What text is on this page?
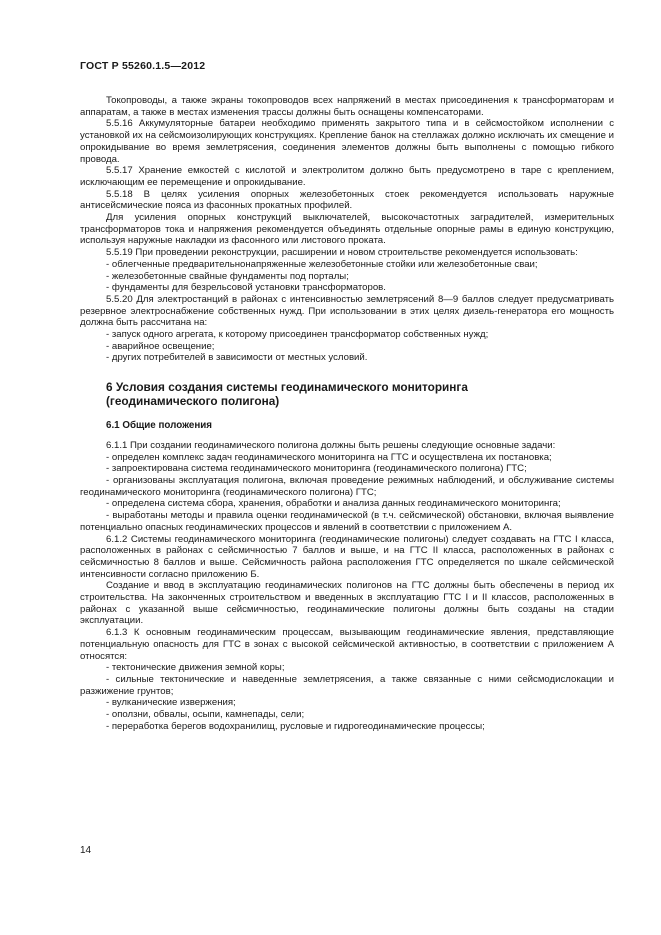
ГОСТ Р 55260.1.5—2012

Токопроводы, а также экраны токопроводов всех напряжений в местах присоединения к трансформаторам и аппаратам, а также в местах изменения трассы должны быть оснащены компенсаторами.

5.5.16 Аккумуляторные батареи необходимо применять закрытого типа и в сейсмостойком исполнении с установкой их на сейсмоизолирующих конструкциях. Крепление банок на стеллажах должно исключать их смещение и опрокидывание во время землетрясения, соединения элементов должны быть выполнены с помощью гибкого провода.

5.5.17 Хранение емкостей с кислотой и электролитом должно быть предусмотрено в таре с креплением, исключающим ее перемещение и опрокидывание.

5.5.18 В целях усиления опорных железобетонных стоек рекомендуется использовать наружные антисейсмические пояса из фасонных прокатных профилей.

Для усиления опорных конструкций выключателей, высокочастотных заградителей, измерительных трансформаторов тока и напряжения рекомендуется объединять отдельные опорные рамы в единую конструкцию, используя наружные накладки из фасонного или листового проката.

5.5.19 При проведении реконструкции, расширении и новом строительстве рекомендуется использовать:

- облегченные предварительнонапряженные железобетонные стойки или железобетонные сваи;

- железобетонные свайные фундаменты под порталы;

- фундаменты для безрельсовой установки трансформаторов.

5.5.20 Для электростанций в районах с интенсивностью землетрясений 8—9 баллов следует предусматривать резервное электроснабжение собственных нужд. При использовании в этих целях дизель-генератора его мощность должна быть рассчитана на:

- запуск одного агрегата, к которому присоединен трансформатор собственных нужд;

- аварийное освещение;

- других потребителей в зависимости от местных условий.

6 Условия создания системы геодинамического мониторинга (геодинамического полигона)
6.1 Общие положения

6.1.1 При создании геодинамического полигона должны быть решены следующие основные задачи:

- определен комплекс задач геодинамического мониторинга на ГТС и осуществлена их постановка;

- запроектирована система геодинамического мониторинга (геодинамического полигона) ГТС;

- организованы эксплуатация полигона, включая проведение режимных наблюдений, и обслуживание системы геодинамического мониторинга (геодинамического полигона) ГТС;

- определена система сбора, хранения, обработки и анализа данных геодинамического мониторинга;

- выработаны методы и правила оценки геодинамической (в т.ч. сейсмической) обстановки, включая выявление потенциально опасных геодинамических процессов и явлений в соответствии с приложением А.

6.1.2 Системы геодинамического мониторинга (геодинамические полигоны) следует создавать на ГТС I класса, расположенных в районах с сейсмичностью 7 баллов и выше, и на ГТС II класса, расположенных в районах с сейсмичностью 8 баллов и выше. Сейсмичность района расположения ГТС определяется по шкале сейсмической интенсивности согласно приложению Б.

Создание и ввод в эксплуатацию геодинамических полигонов на ГТС должны быть обеспечены в период их строительства. На законченных строительством и введенных в эксплуатацию ГТС I и II классов, расположенных в районах с указанной выше сейсмичностью, геодинамические полигоны должны быть созданы на стадии эксплуатации.

6.1.3 К основным геодинамическим процессам, вызывающим геодинамические явления, представляющие потенциальную опасность для ГТС в зонах с высокой сейсмической активностью, в соответствии с приложением А относятся:

- тектонические движения земной коры;

- сильные тектонические и наведенные землетрясения, а также связанные с ними сейсмодислокации и разжижение грунтов;

- вулканические извержения;

- оползни, обвалы, осыпи, камнепады, сели;

- переработка берегов водохранилищ, русловые и гидрогеодинамические процессы;

14
